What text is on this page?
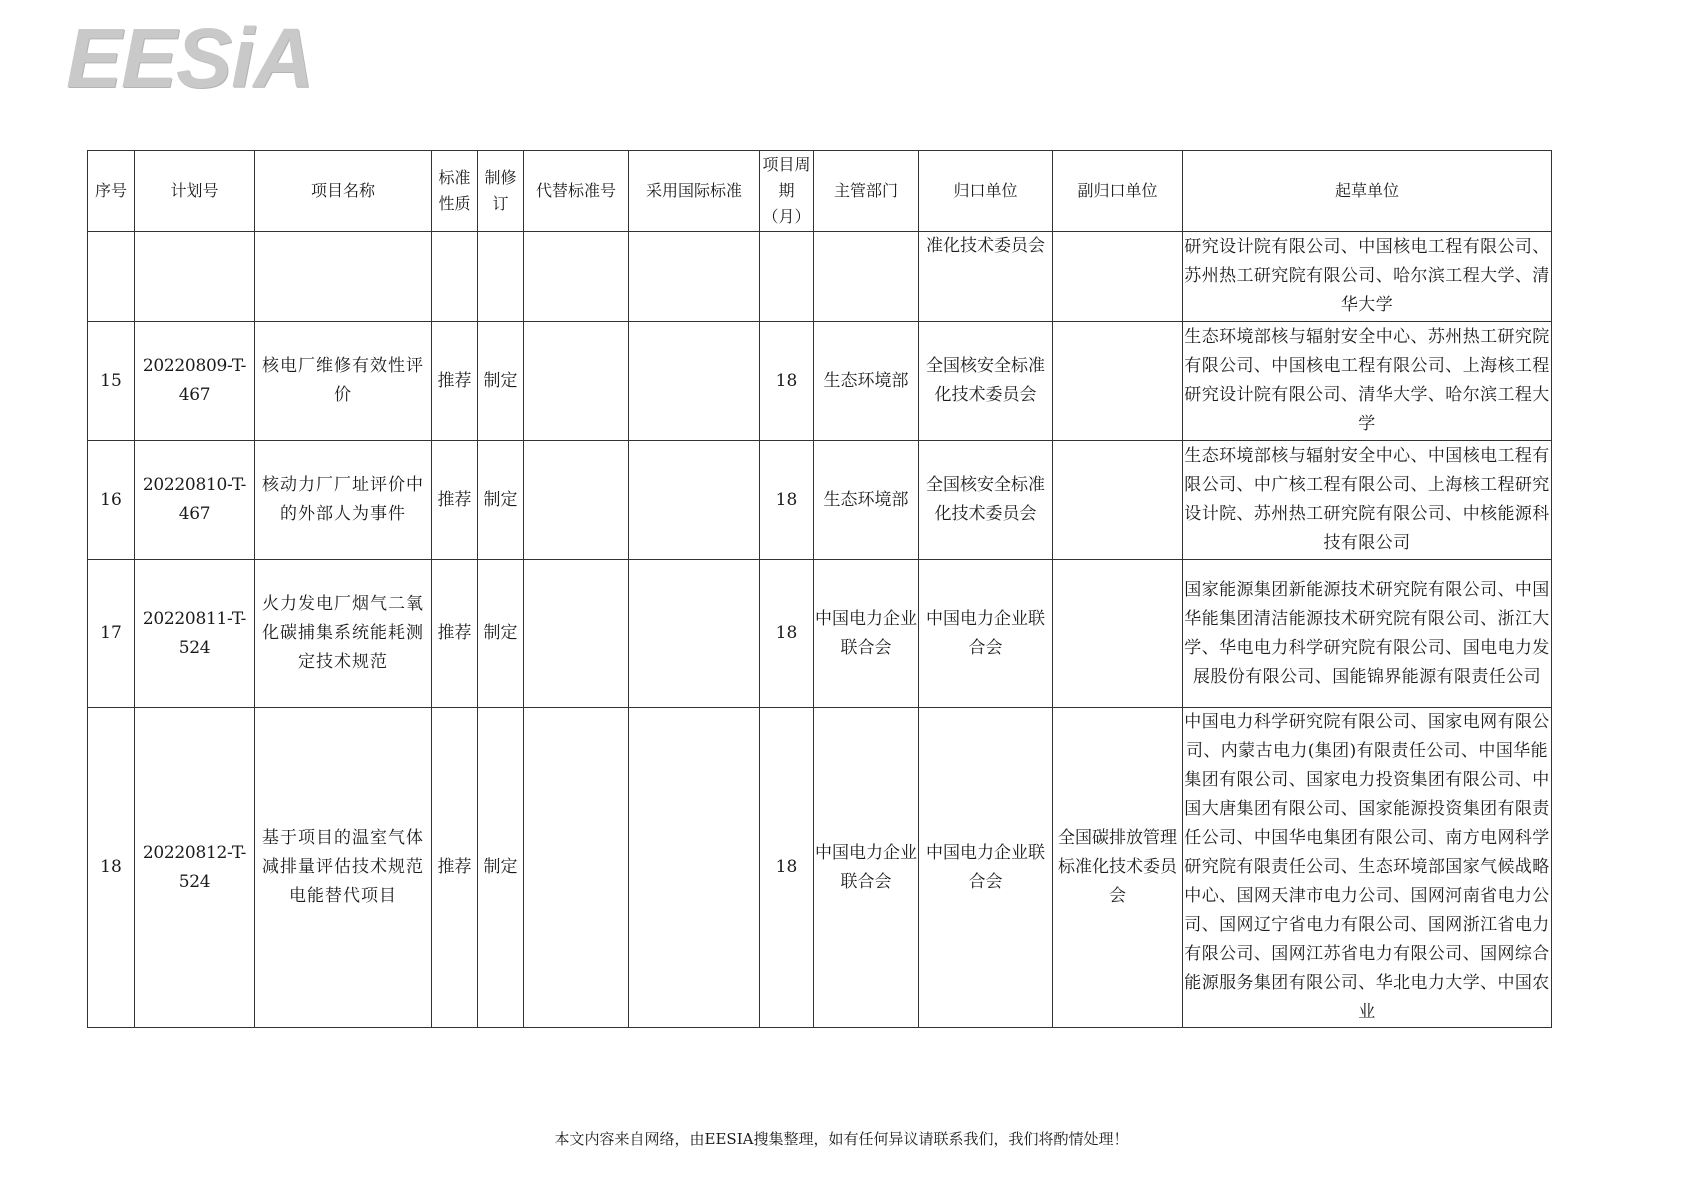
EESiA
序号	计划号	项目名称	标准性质	制修订	代替标准号	采用国际标准	项目周期（月）	主管部门	归口单位	副归口单位	起草单位
									准化技术委员会		研究设计院有限公司、中国核电工程有限公司、苏州热工研究院有限公司、哈尔滨工程大学、清华大学
15	20220809-T-467	核电厂维修有效性评价	推荐	制定			18	生态环境部	全国核安全标准化技术委员会		生态环境部核与辐射安全中心、苏州热工研究院有限公司、中国核电工程有限公司、上海核工程研究设计院有限公司、清华大学、哈尔滨工程大学
16	20220810-T-467	核动力厂厂址评价中的外部人为事件	推荐	制定			18	生态环境部	全国核安全标准化技术委员会		生态环境部核与辐射安全中心、中国核电工程有限公司、中广核工程有限公司、上海核工程研究设计院、苏州热工研究院有限公司、中核能源科技有限公司
17	20220811-T-524	火力发电厂烟气二氧化碳捕集系统能耗测定技术规范	推荐	制定			18	中国电力企业联合会	中国电力企业联合会		国家能源集团新能源技术研究院有限公司、中国华能集团清洁能源技术研究院有限公司、浙江大学、华电电力科学研究院有限公司、国电电力发展股份有限公司、国能锦界能源有限责任公司
18	20220812-T-524	基于项目的温室气体减排量评估技术规范电能替代项目	推荐	制定			18	中国电力企业联合会	中国电力企业联合会	全国碳排放管理标准化技术委员会	中国电力科学研究院有限公司、国家电网有限公司、内蒙古电力(集团)有限责任公司、中国华能集团有限公司、国家电力投资集团有限公司、中国大唐集团有限公司、国家能源投资集团有限责任公司、中国华电集团有限公司、南方电网科学研究院有限责任公司、生态环境部国家气候战略中心、国网天津市电力公司、国网河南省电力公司、国网辽宁省电力有限公司、国网浙江省电力有限公司、国网江苏省电力有限公司、国网综合能源服务集团有限公司、华北电力大学、中国农业
本文内容来自网络，由EESIA搜集整理，如有任何异议请联系我们，我们将酌情处理！
